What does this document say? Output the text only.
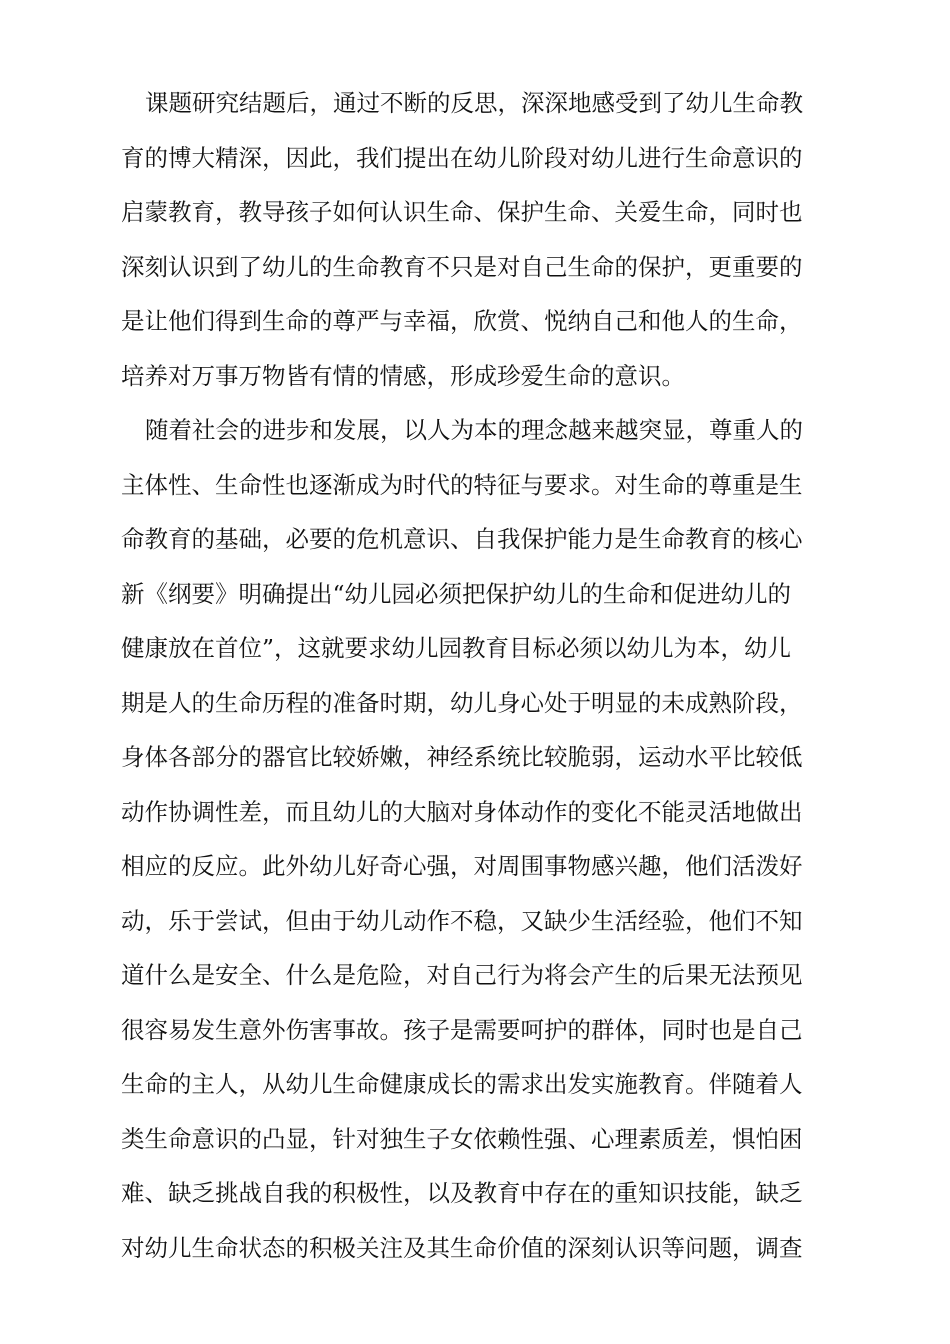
课题研究结题后，通过不断的反思，深深地感受到了幼儿生命教
育的博大精深，因此，我们提出在幼儿阶段对幼儿进行生命意识的
启蒙教育，教导孩子如何认识生命、保护生命、关爱生命，同时也
深刻认识到了幼儿的生命教育不只是对自己生命的保护，更重要的
是让他们得到生命的尊严与幸福，欣赏、悦纳自己和他人的生命，
培养对万事万物皆有情的情感，形成珍爱生命的意识。
随着社会的进步和发展，以人为本的理念越来越突显，尊重人的
主体性、生命性也逐渐成为时代的特征与要求。对生命的尊重是生
命教育的基础，必要的危机意识、自我保护能力是生命教育的核心
新《纲要》明确提出“幼儿园必须把保护幼儿的生命和促进幼儿的
健康放在首位”，这就要求幼儿园教育目标必须以幼儿为本，幼儿
期是人的生命历程的准备时期，幼儿身心处于明显的未成熟阶段，
身体各部分的器官比较娇嫩，神经系统比较脆弱，运动水平比较低
动作协调性差，而且幼儿的大脑对身体动作的变化不能灵活地做出
相应的反应。此外幼儿好奇心强，对周围事物感兴趣，他们活泼好
动，乐于尝试，但由于幼儿动作不稳，又缺少生活经验，他们不知
道什么是安全、什么是危险，对自己行为将会产生的后果无法预见
很容易发生意外伤害事故。孩子是需要呵护的群体，同时也是自己
生命的主人，从幼儿生命健康成长的需求出发实施教育。伴随着人
类生命意识的凸显，针对独生子女依赖性强、心理素质差，惧怕困
难、缺乏挑战自我的积极性，以及教育中存在的重知识技能，缺乏
对幼儿生命状态的积极关注及其生命价值的深刻认识等问题，调查
